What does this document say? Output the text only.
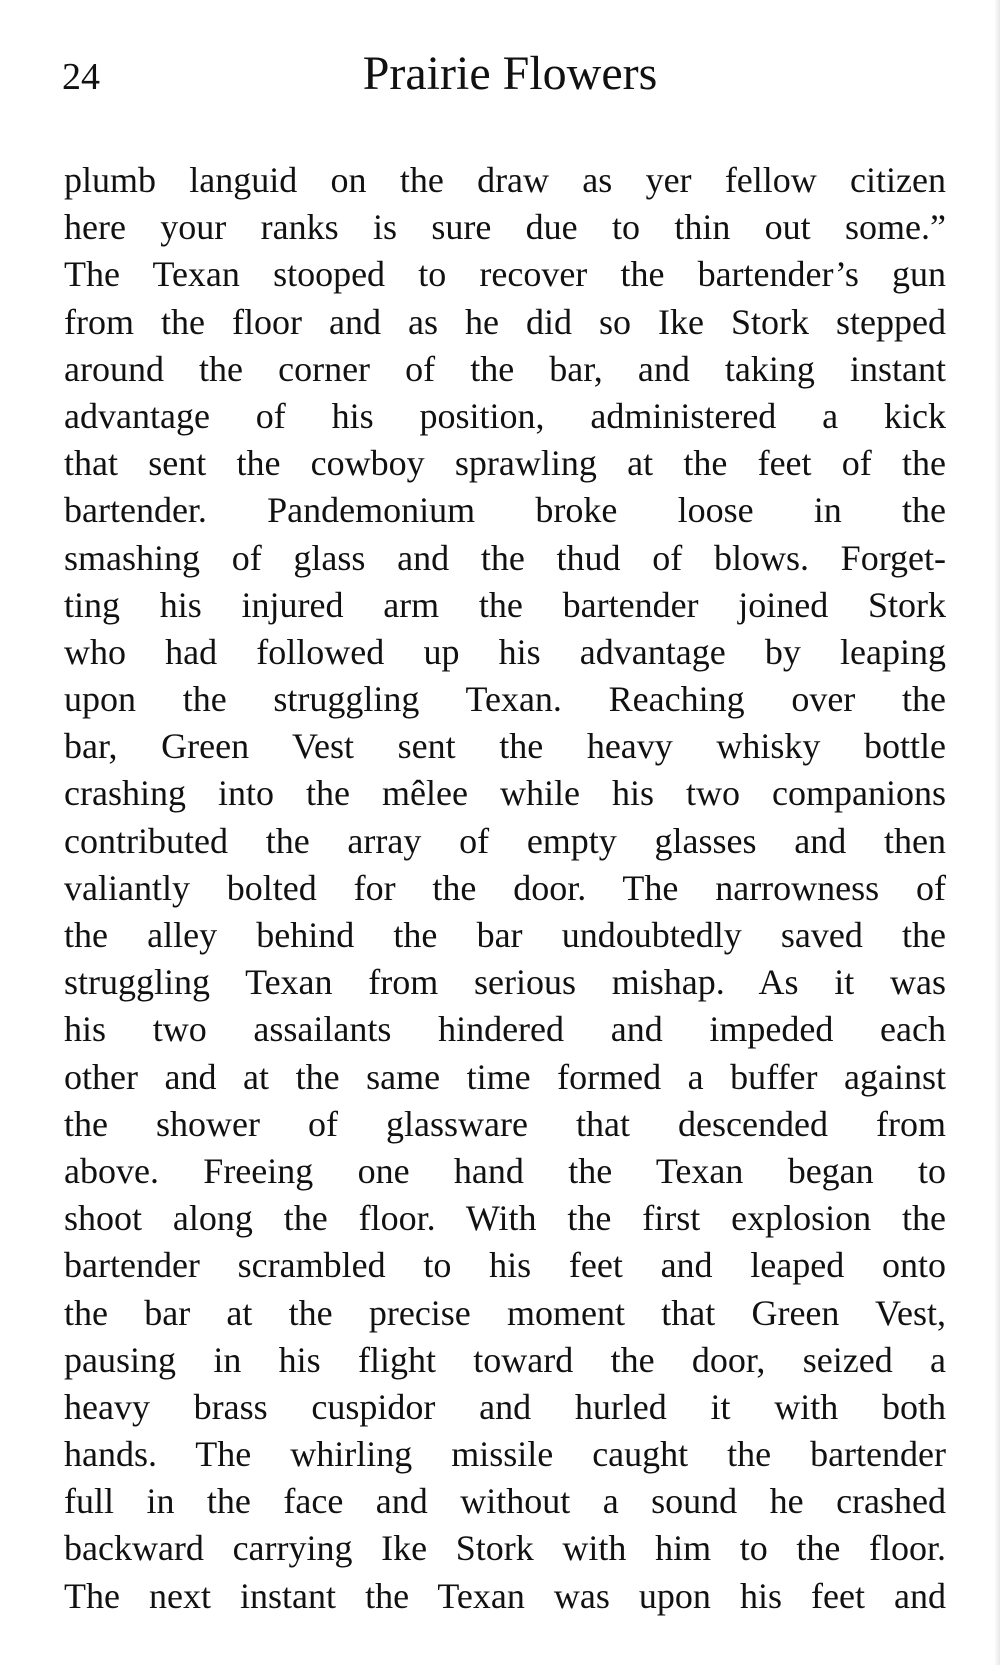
24	Prairie Flowers
plumb languid on the draw as yer fellow citizen
here your ranks is sure due to thin out some.”
The Texan stooped to recover the bartender’s gun
from the floor and as he did so Ike Stork stepped
around the corner of the bar, and taking instant
advantage of his position, administered a kick
that sent the cowboy sprawling at the feet of the
bartender. Pandemonium broke loose in the
smashing of glass and the thud of blows. Forget-
ting his injured arm the bartender joined Stork
who had followed up his advantage by leaping
upon the struggling Texan. Reaching over the
bar, Green Vest sent the heavy whisky bottle
crashing into the mêlee while his two companions
contributed the array of empty glasses and then
valiantly bolted for the door. The narrowness of
the alley behind the bar undoubtedly saved the
struggling Texan from serious mishap. As it was
his two assailants hindered and impeded each
other and at the same time formed a buffer against
the shower of glassware that descended from
above. Freeing one hand the Texan began to
shoot along the floor. With the first explosion the
bartender scrambled to his feet and leaped onto
the bar at the precise moment that Green Vest,
pausing in his flight toward the door, seized a
heavy brass cuspidor and hurled it with both
hands. The whirling missile caught the bartender
full in the face and without a sound he crashed
backward carrying Ike Stork with him to the floor.
The next instant the Texan was upon his feet and
